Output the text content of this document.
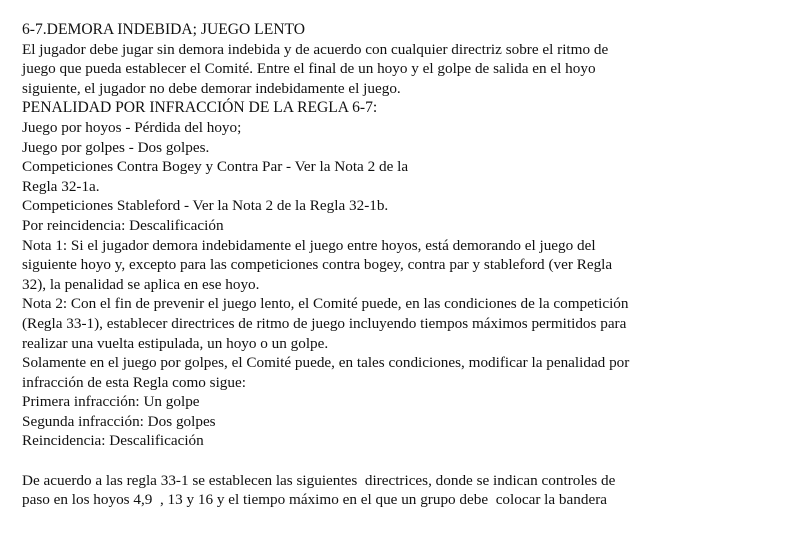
6-7.DEMORA INDEBIDA; JUEGO LENTO
El jugador debe jugar sin demora indebida y de acuerdo con cualquier directriz sobre el ritmo de
juego que pueda establecer el Comité. Entre el final de un hoyo y el golpe de salida en el hoyo
siguiente, el jugador no debe demorar indebidamente el juego.
PENALIDAD POR INFRACCIÓN DE LA REGLA 6-7:
Juego por hoyos - Pérdida del hoyo;
Juego por golpes - Dos golpes.
Competiciones Contra Bogey y Contra Par - Ver la Nota 2 de la
Regla 32-1a.
Competiciones Stableford - Ver la Nota 2 de la Regla 32-1b.
Por reincidencia: Descalificación
Nota 1: Si el jugador demora indebidamente el juego entre hoyos, está demorando el juego del
siguiente hoyo y, excepto para las competiciones contra bogey, contra par y stableford (ver Regla
32), la penalidad se aplica en ese hoyo.
Nota 2: Con el fin de prevenir el juego lento, el Comité puede, en las condiciones de la competición
(Regla 33-1), establecer directrices de ritmo de juego incluyendo tiempos máximos permitidos para
realizar una vuelta estipulada, un hoyo o un golpe.
Solamente en el juego por golpes, el Comité puede, en tales condiciones, modificar la penalidad por
infracción de esta Regla como sigue:
Primera infracción: Un golpe
Segunda infracción: Dos golpes
Reincidencia: Descalificación
De acuerdo a las regla 33-1 se establecen las siguientes  directrices, donde se indican controles de
paso en los hoyos 4,9  , 13 y 16 y el tiempo máximo en el que un grupo debe  colocar la bandera
